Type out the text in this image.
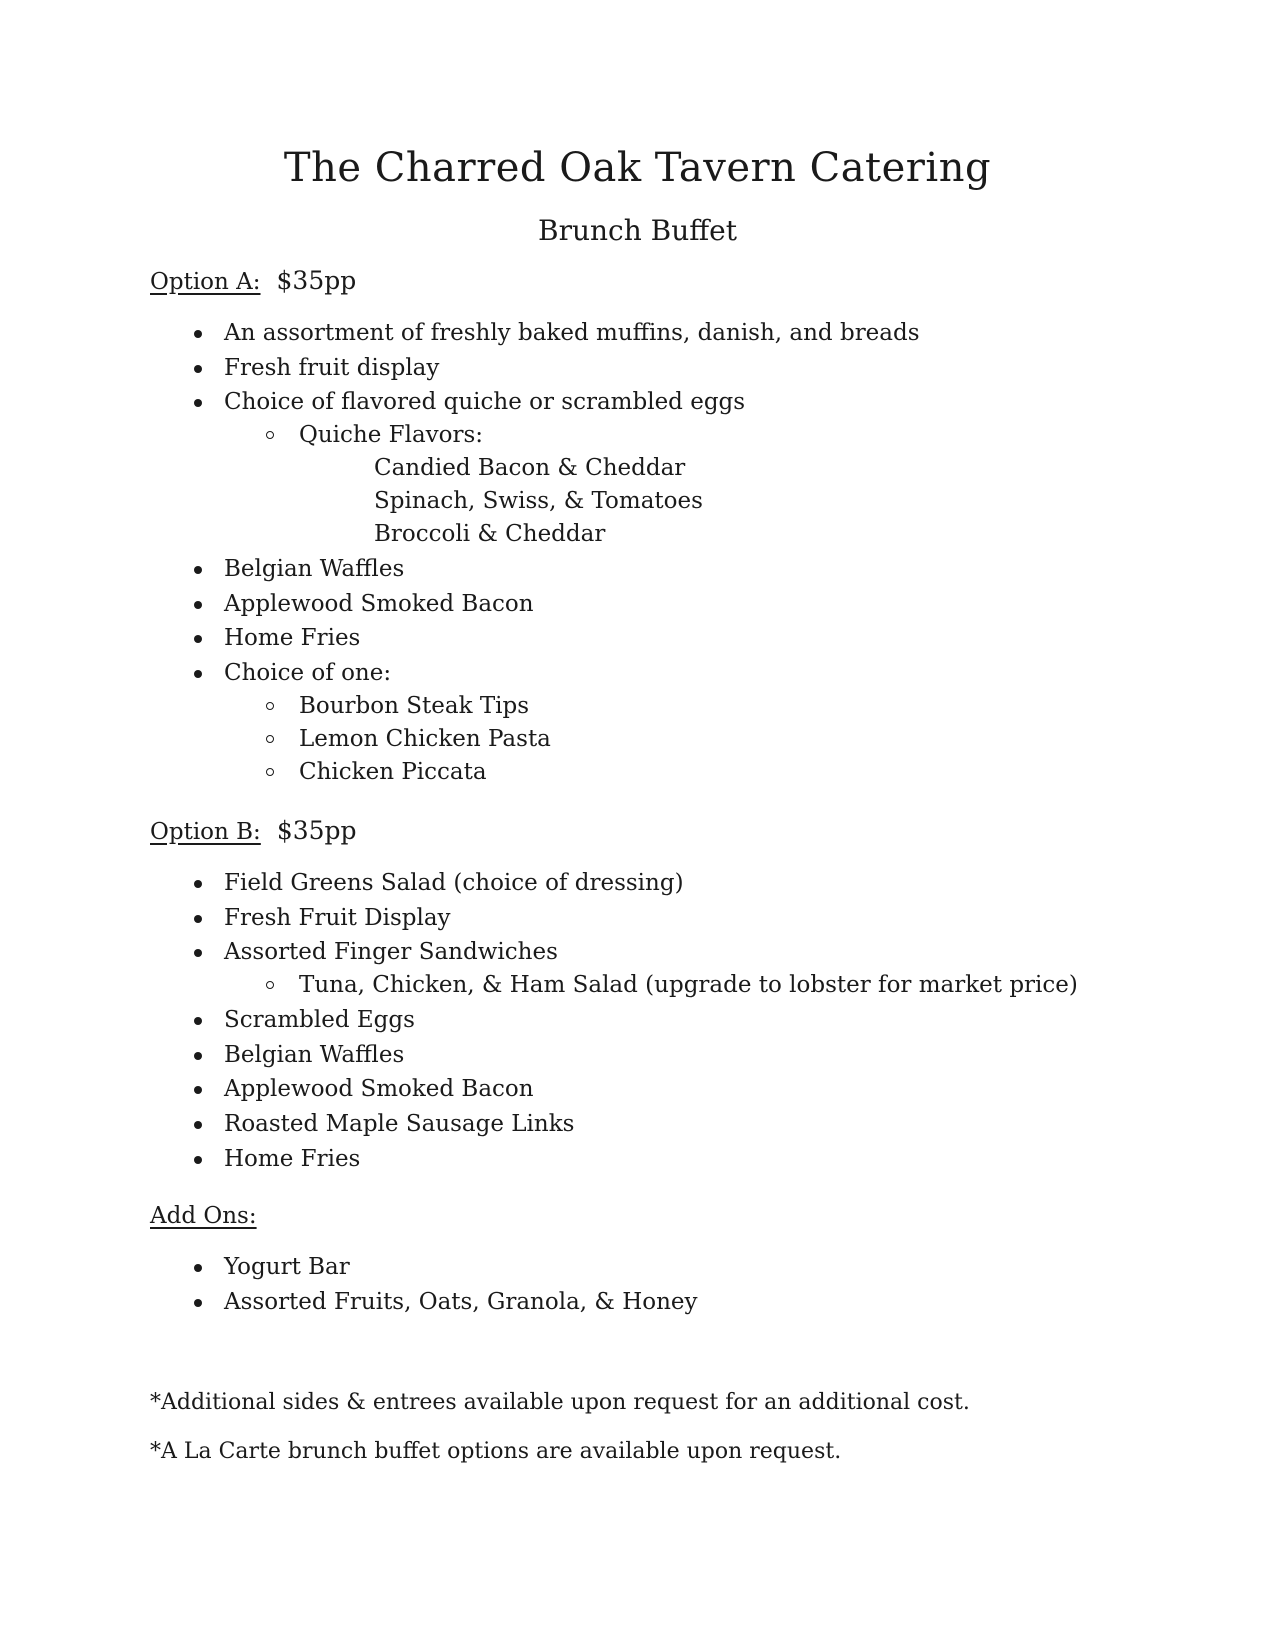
The Charred Oak Tavern Catering
Brunch Buffet
Option A: $35pp
An assortment of freshly baked muffins, danish, and breads
Fresh fruit display
Choice of flavored quiche or scrambled eggs
Quiche Flavors:
Candied Bacon & Cheddar
Spinach, Swiss, & Tomatoes
Broccoli & Cheddar
Belgian Waffles
Applewood Smoked Bacon
Home Fries
Choice of one:
Bourbon Steak Tips
Lemon Chicken Pasta
Chicken Piccata
Option B: $35pp
Field Greens Salad (choice of dressing)
Fresh Fruit Display
Assorted Finger Sandwiches
Tuna, Chicken, & Ham Salad (upgrade to lobster for market price)
Scrambled Eggs
Belgian Waffles
Applewood Smoked Bacon
Roasted Maple Sausage Links
Home Fries
Add Ons:
Yogurt Bar
Assorted Fruits, Oats, Granola, & Honey
*Additional sides & entrees available upon request for an additional cost.
*A La Carte brunch buffet options are available upon request.
